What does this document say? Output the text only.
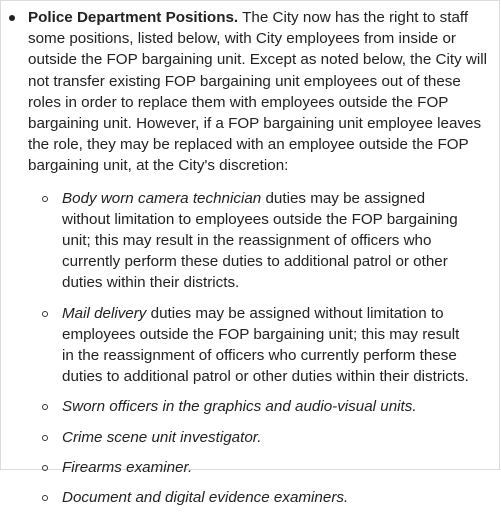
Police Department Positions. The City now has the right to staff some positions, listed below, with City employees from inside or outside the FOP bargaining unit. Except as noted below, the City will not transfer existing FOP bargaining unit employees out of these roles in order to replace them with employees outside the FOP bargaining unit. However, if a FOP bargaining unit employee leaves the role, they may be replaced with an employee outside the FOP bargaining unit, at the City's discretion:
Body worn camera technician duties may be assigned without limitation to employees outside the FOP bargaining unit; this may result in the reassignment of officers who currently perform these duties to additional patrol or other duties within their districts.
Mail delivery duties may be assigned without limitation to employees outside the FOP bargaining unit; this may result in the reassignment of officers who currently perform these duties to additional patrol or other duties within their districts.
Sworn officers in the graphics and audio-visual units.
Crime scene unit investigator.
Firearms examiner.
Document and digital evidence examiners.
